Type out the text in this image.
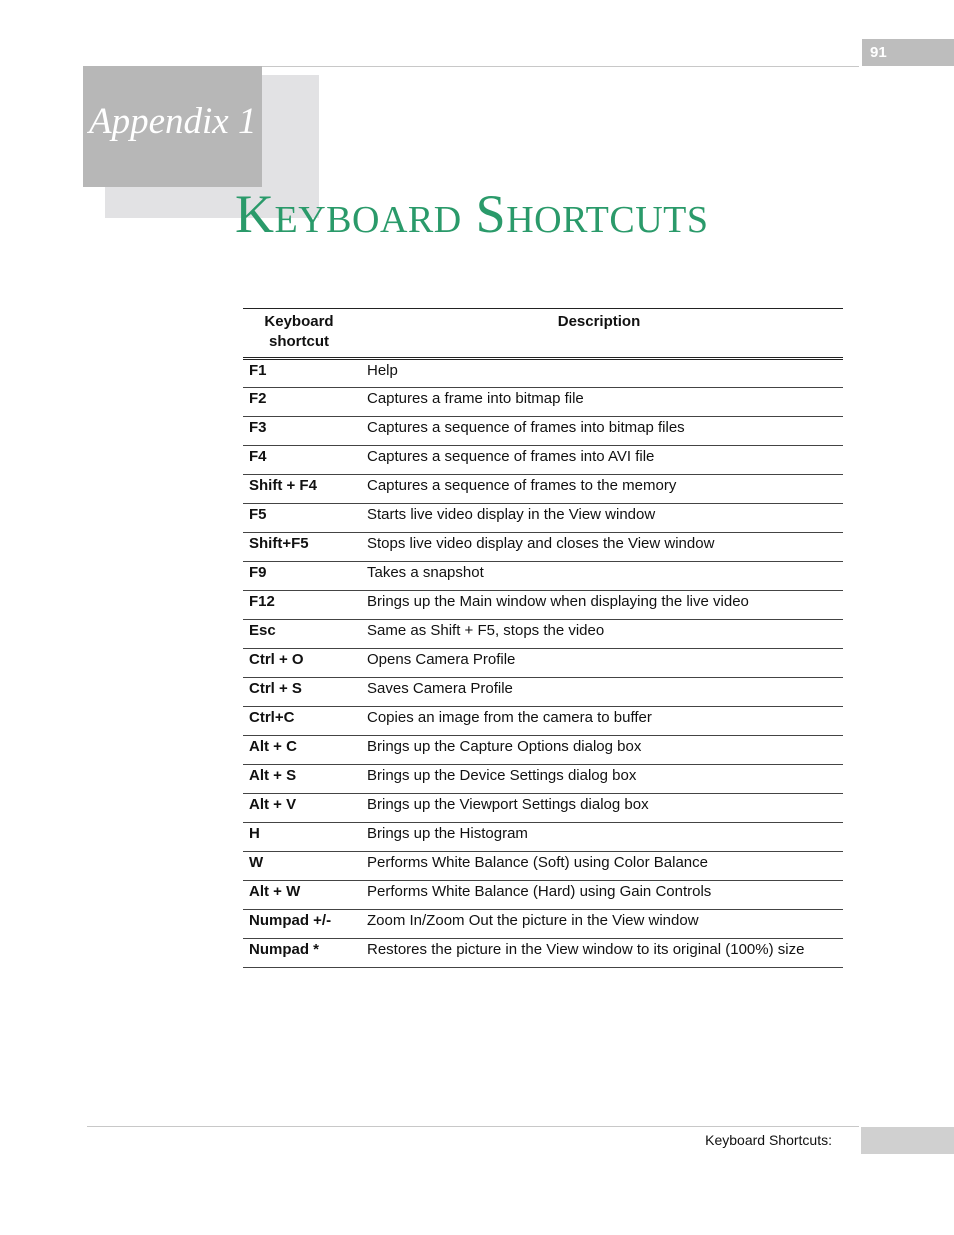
91
Appendix 1
Keyboard Shortcuts
Keyboard shortcut	Description
F1	Help
F2	Captures a frame into bitmap file
F3	Captures a sequence of frames into bitmap files
F4	Captures a sequence of frames into AVI file
Shift + F4	Captures a sequence of frames to the memory
F5	Starts live video display in the View window
Shift+F5	Stops live video display and closes the View window
F9	Takes a snapshot
F12	Brings up the Main window when displaying the live video
Esc	Same as Shift + F5, stops the video
Ctrl + O	Opens Camera Profile
Ctrl + S	Saves Camera Profile
Ctrl+C	Copies an image from the camera to buffer
Alt + C	Brings up the Capture Options dialog box
Alt + S	Brings up the Device Settings dialog box
Alt + V	Brings up the Viewport Settings dialog box
H	Brings up the Histogram
W	Performs White Balance (Soft) using Color Balance
Alt + W	Performs White Balance (Hard) using Gain Controls
Numpad +/-	Zoom In/Zoom Out the picture in the View window
Numpad *	Restores the picture in the View window to its original (100%) size
Keyboard Shortcuts:
